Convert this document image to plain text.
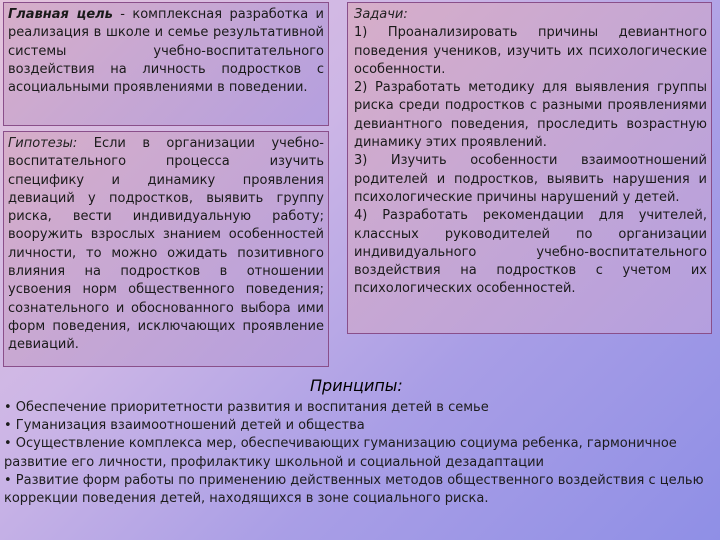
Главная цель - комплексная разработка и реализация в школе и семье результативной системы учебно-воспитательного воздействия на личность подростков с асоциальными проявлениями в поведении.
Гипотезы: Если в организации учебно-воспитательного процесса изучить специфику и динамику проявления девиаций у подростков, выявить группу риска, вести индивидуальную работу; вооружить взрослых знанием особенностей личности, то можно ожидать позитивного влияния на подростков в отношении усвоения норм общественного поведения; сознательного и обоснованного выбора ими форм поведения, исключающих проявление девиаций.
Задачи:

1) Проанализировать причины девиантного поведения учеников, изучить их психологические особенности.

2) Разработать методику для выявления группы риска среди подростков с разными проявлениями девиантного поведения, проследить возрастную динамику этих проявлений.

3) Изучить особенности взаимоотношений родителей и подростков, выявить нарушения и психологические причины нарушений у детей.

4) Разработать рекомендации для учителей, классных руководителей по организации индивидуального учебно-воспитательного воздействия на подростков с учетом их психологических особенностей.

Принципы:

• Обеспечение приоритетности развития и воспитания детей в семье

• Гуманизация взаимоотношений детей и общества

• Осуществление комплекса мер, обеспечивающих гуманизацию социума ребенка, гармоничное развитие его личности, профилактику школьной и социальной дезадаптации

• Развитие форм работы по применению действенных методов общественного воздействия с целью коррекции поведения детей, находящихся в зоне социального риска.
